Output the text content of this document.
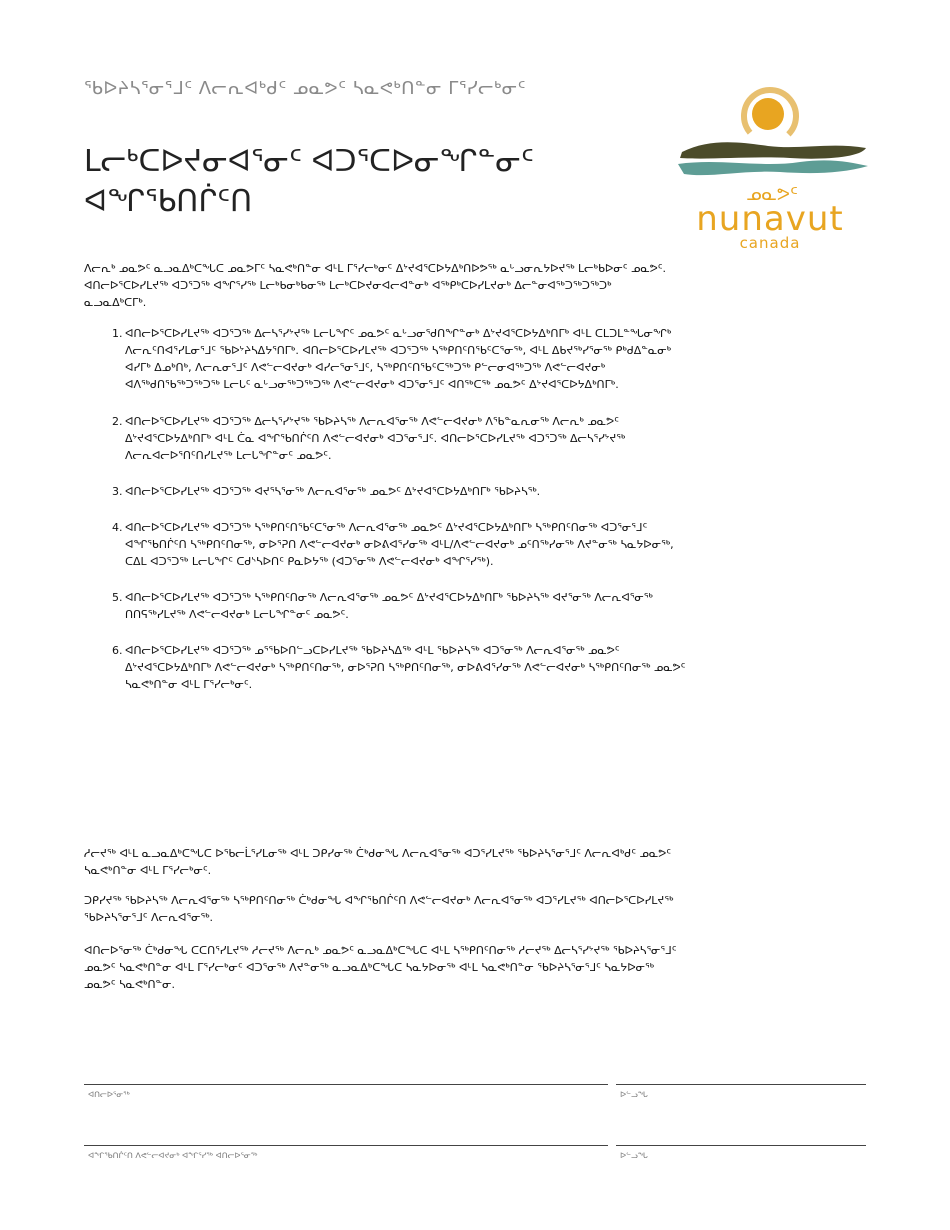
ᖃᐅᔨᓴᕐᓂᕐᒧᑦ ᐱᓕᕆᐊᒃᑯᑦ ᓄᓇᕗᑦ ᓴᓇᕙᒃᑎᓐᓂ ᒥᕐᓯᓕᒃᓂᑦ
ᒪᓕᒃᑕᐅᔪᓂᐊᕐᓂᑦ ᐊᑐᕐᑕᐅᓂᖏᓐᓂᑦ
ᐊᖏᖃᑎᒌᑦᑎ	ᓄᓇᕗᑦ
nunavut
canada

ᐱᓕᕆᒃ ᓄᓇᕗᑦ ᓇᓗᓇᐃᒃᑕᖓᑕ ᓄᓇᕗᒥᑦ ᓴᓇᕙᒃᑎᓐᓂ ᐊᒻᒪ ᒥᕐᓯᓕᒃᓂᑦ ᐃᔾᔪᐊᕐᑕᐅᔭᐃᒃᑎᐅᕗᖅ ᓇᒡᓗᓂᕆᔭᐅᔪᖅ ᒪᓕᒃᑲᐅᓂᑦ ᓄᓇᕗᑦ. ᐊᑎᓕᐅᕐᑕᐅᓯᒪᔪᖅ ᐊᑐᕐᑐᖅ ᐊᖏᕐᓯᖅ ᒪᓕᒃᑲᓂᒃᑲᓂᖅ ᒪᓕᒃᑕᐅᔪᓂᐊᓕᐊᓐᓂᒃ ᐊᖅᑭᒃᑕᐅᓯᒪᔪᓂᒃ ᐃᓕᓐᓂᐊᖅᑐᖅᑐᖅᑐᒃ ᓇᓗᓇᐃᒃᑕᒥᒃ.

1. ᐊᑎᓕᐅᕐᑕᐅᓯᒪᔪᖅ ᐊᑐᕐᑐᖅ ᐃᓕᓴᕐᓯᔾᔪᖅ ᒪᓕᒐᖏᑦ ᓄᓇᕗᑦ ᓇᒡᓗᓂᖁᑎᖏᓐᓂᒃ ᐃᔾᔪᐊᕐᑕᐅᔭᐃᒃᑎᒥᒃ ᐊᒻᒪ ᑕᒪᑐᒪᓐᖓᓂᖏᒃ ᐱᓕᕆᑦᑎᐊᕐᓯᒪᓂᕐᒧᑦ ᖃᐅᔾᔨᓴᐃᔭᕐᑎᒥᒃ. ᐊᑎᓕᐅᕐᑕᐅᓯᒪᔪᖅ ᐊᑐᕐᑐᖅ ᓴᖅᑭᑎᑦᑎᖃᑦᑕᕐᓂᖅ, ᐊᒻᒪ ᐃᑲᔪᖅᓯᕐᓂᖅ ᑭᒃᑯᐃᓐᓇᓂᒃ ᐊᓯᒥᒃ ᐃᓄᒃᑎᒃ, ᐱᓕᕆᓂᕐᒧᑦ ᐱᕙᓪᓕᐊᔪᓂᒃ ᐊᓯᓕᕐᓂᕐᒧᑦ, ᓴᖅᑭᑎᑦᑎᖃᑦᑕᖅᑐᖅ ᑭᓪᓕᓂᐊᖅᑐᖅ ᐱᕙᓪᓕᐊᔪᓂᒃ ᐊᐱᖅᑯᑎᖃᖅᑐᖅᑐᖅ ᒪᓕᒐᑦ ᓇᒡᓗᓂᖅᑐᖅᑐᖅ ᐱᕙᓪᓕᐊᔪᓂᒃ ᐊᑐᕐᓂᕐᒧᑦ ᐊᑎᖅᑕᖅ ᓄᓇᕗᑦ ᐃᔾᔪᐊᕐᑕᐅᔭᐃᒃᑎᒥᒃ.
2. ᐊᑎᓕᐅᕐᑕᐅᓯᒪᔪᖅ ᐊᑐᕐᑐᖅ ᐃᓕᓴᕐᓯᔾᔪᖅ ᖃᐅᔨᓴᖅ ᐱᓕᕆᐊᕐᓂᖅ ᐱᕙᓪᓕᐊᔪᓂᒃ ᐱᖃᓐᓇᕆᓂᖅ ᐱᓕᕆᒃ ᓄᓇᕗᑦ ᐃᔾᔪᐊᕐᑕᐅᔭᐃᒃᑎᒥᒃ ᐊᒻᒪ ᑖᓇ ᐊᖏᖃᑎᒌᑦᑎ ᐱᕙᓪᓕᐊᔪᓂᒃ ᐊᑐᕐᓂᕐᒧᑦ. ᐊᑎᓕᐅᕐᑕᐅᓯᒪᔪᖅ ᐊᑐᕐᑐᖅ ᐃᓕᓴᕐᓯᔾᔪᖅ ᐱᓕᕆᐊᓕᐅᕐᑎᑦᑎᓯᒪᔪᖅ ᒪᓕᒐᖏᓐᓂᑦ ᓄᓇᕗᑦ.
3. ᐊᑎᓕᐅᕐᑕᐅᓯᒪᔪᖅ ᐊᑐᕐᑐᖅ ᐊᔪᕐᓴᕐᓂᖅ ᐱᓕᕆᐊᕐᓂᖅ ᓄᓇᕗᑦ ᐃᔾᔪᐊᕐᑕᐅᔭᐃᒃᑎᒥᒃ ᖃᐅᔨᓴᖅ.
4. ᐊᑎᓕᐅᕐᑕᐅᓯᒪᔪᖅ ᐊᑐᕐᑐᖅ ᓴᖅᑭᑎᑦᑎᖃᑦᑕᕐᓂᖅ ᐱᓕᕆᐊᕐᓂᖅ ᓄᓇᕗᑦ ᐃᔾᔪᐊᕐᑕᐅᔭᐃᒃᑎᒥᒃ ᓴᖅᑭᑎᑦᑎᓂᖅ ᐊᑐᕐᓂᕐᒧᑦ ᐊᖏᖃᑎᒌᑦᑎ ᓴᖅᑭᑎᑦᑎᓂᖅ, ᓂᐅᕐᕈᑎ ᐱᕙᓪᓕᐊᔪᓂᒃ ᓂᐅᕕᐊᕐᓯᓂᖅ ᐊᒻᒪ/ᐱᕙᓪᓕᐊᔪᓂᒃ ᓄᑦᑎᖅᓯᓂᖅ ᐱᔪᓐᓂᖅ ᓴᓇᔭᐅᓂᖅ, ᑕᐃᒪ ᐊᑐᕐᑐᖅ ᒪᓕᒐᖏᑦ ᑕᑯᔅᓴᐅᑎᑦ ᑭᓇᐅᔭᖅ (ᐊᑐᕐᓂᖅ ᐱᕙᓪᓕᐊᔪᓂᒃ ᐊᖏᕐᓯᖅ).
5. ᐊᑎᓕᐅᕐᑕᐅᓯᒪᔪᖅ ᐊᑐᕐᑐᖅ ᓴᖅᑭᑎᑦᑎᓂᖅ ᐱᓕᕆᐊᕐᓂᖅ ᓄᓇᕗᑦ ᐃᔾᔪᐊᕐᑕᐅᔭᐃᒃᑎᒥᒃ ᖃᐅᔨᓴᖅ ᐊᔪᕐᓂᖅ ᐱᓕᕆᐊᕐᓂᖅ ᑎᑎᕋᖅᓯᒪᔪᖅ ᐱᕙᓪᓕᐊᔪᓂᒃ ᒪᓕᒐᖏᓐᓂᑦ ᓄᓇᕗᑦ.
6. ᐊᑎᓕᐅᕐᑕᐅᓯᒪᔪᖅ ᐊᑐᕐᑐᖅ ᓄᕐᖃᐅᑎᓪᓗᑕᐅᓯᒪᔪᖅ ᖃᐅᔨᓴᐃᖅ ᐊᒻᒪ ᖃᐅᔨᓴᖅ ᐊᑐᕐᓂᖅ ᐱᓕᕆᐊᕐᓂᖅ ᓄᓇᕗᑦ ᐃᔾᔪᐊᕐᑕᐅᔭᐃᒃᑎᒥᒃ ᐱᕙᓪᓕᐊᔪᓂᒃ ᓴᖅᑭᑎᑦᑎᓂᖅ, ᓂᐅᕐᕈᑎ ᓴᖅᑭᑎᑦᑎᓂᖅ, ᓂᐅᕕᐊᕐᓯᓂᖅ ᐱᕙᓪᓕᐊᔪᓂᒃ ᓴᖅᑭᑎᑦᑎᓂᖅ ᓄᓇᕗᑦ ᓴᓇᕙᒃᑎᓐᓂ ᐊᒻᒪ ᒥᕐᓯᓕᒃᓂᑦ.

ᓱᓕᔪᖅ ᐊᒻᒪ ᓇᓗᓇᐃᒃᑕᖓᑕ ᐅᖃᓕᒫᕐᓯᒪᓂᖅ ᐊᒻᒪ ᑐᑭᓯᓂᖅ ᑖᒃᑯᓂᖓ ᐱᓕᕆᐊᕐᓂᖅ ᐊᑐᕐᓯᒪᔪᖅ ᖃᐅᔨᓴᕐᓂᕐᒧᑦ ᐱᓕᕆᐊᒃᑯᑦ ᓄᓇᕗᑦ ᓴᓇᕙᒃᑎᓐᓂ ᐊᒻᒪ ᒥᕐᓯᓕᒃᓂᑦ.

ᑐᑭᓯᔪᖅ ᖃᐅᔨᓴᖅ ᐱᓕᕆᐊᕐᓂᖅ ᓴᖅᑭᑎᑦᑎᓂᖅ ᑖᒃᑯᓂᖓ ᐊᖏᖃᑎᒌᑦᑎ ᐱᕙᓪᓕᐊᔪᓂᒃ ᐱᓕᕆᐊᕐᓂᖅ ᐊᑐᕐᓯᒪᔪᖅ ᐊᑎᓕᐅᕐᑕᐅᓯᒪᔪᖅ ᖃᐅᔨᓴᕐᓂᕐᒧᑦ ᐱᓕᕆᐊᕐᓂᖅ.

ᐊᑎᓕᐅᕐᓂᖅ ᑖᒃᑯᓂᖓ ᑕᑕᑎᕐᓯᒪᔪᖅ ᓱᓕᔪᖅ ᐱᓕᕆᒃ ᓄᓇᕗᑦ ᓇᓗᓇᐃᒃᑕᖓᑕ ᐊᒻᒪ ᓴᖅᑭᑎᑦᑎᓂᖅ ᓱᓕᔪᖅ ᐃᓕᓴᕐᓯᔾᔪᖅ ᖃᐅᔨᓴᕐᓂᕐᒧᑦ ᓄᓇᕗᑦ ᓴᓇᕙᒃᑎᓐᓂ ᐊᒻᒪ ᒥᕐᓯᓕᒃᓂᑦ ᐊᑐᕐᓂᖅ ᐱᔪᓐᓂᖅ ᓇᓗᓇᐃᒃᑕᖓᑕ ᓴᓇᔭᐅᓂᖅ ᐊᒻᒪ ᓴᓇᕙᒃᑎᓐᓂ ᖃᐅᔨᓴᕐᓂᕐᒧᑦ ᓴᓇᔭᐅᓂᖅ ᓄᓇᕗᑦ ᓴᓇᕙᒃᑎᓐᓂ.

ᐊᑎᓕᐅᕐᓂᖅ	ᐅᓪᓗᖓ
ᐊᖏᖃᑎᒌᑦᑎ ᐱᕙᓪᓕᐊᔪᓂᒃ ᐊᖏᕐᓯᖅ ᐊᑎᓕᐅᕐᓂᖅ	ᐅᓪᓗᖓ
